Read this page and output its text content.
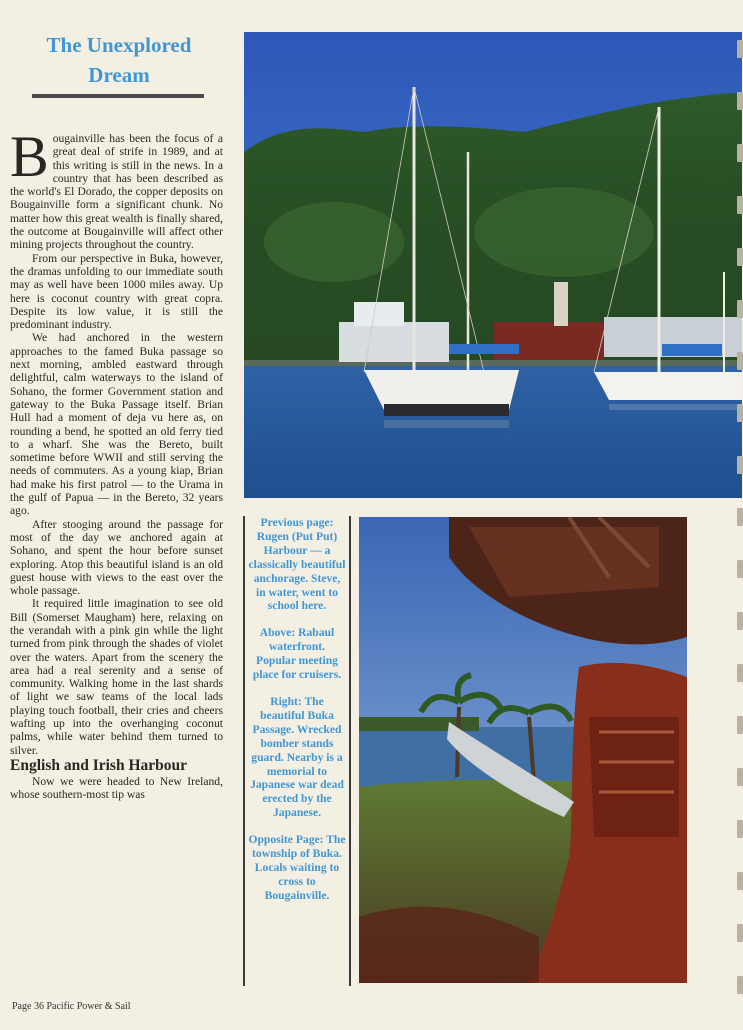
The Unexplored Dream

Bougainville has been the focus of a great deal of strife in 1989, and at this writing is still in the news. In a country that has been described as the world's El Dorado, the copper deposits on Bougainville form a significant chunk. No matter how this great wealth is finally shared, the outcome at Bougainville will affect other mining projects throughout the country.

From our perspective in Buka, however, the dramas unfolding to our immediate south may as well have been 1000 miles away. Up here is coconut country with great copra. Despite its low value, it is still the predominant industry.

We had anchored in the western approaches to the famed Buka passage so next morning, ambled eastward through delightful, calm waterways to the island of Sohano, the former Government station and gateway to the Buka Passage itself. Brian Hull had a moment of deja vu here as, on rounding a bend, he spotted an old ferry tied to a wharf. She was the Bereto, built sometime before WWII and still serving the needs of commuters. As a young kiap, Brian had make his first patrol — to the Urama in the gulf of Papua — in the Bereto, 32 years ago.

After stooging around the passage for most of the day we anchored again at Sohano, and spent the hour before sunset exploring. Atop this beautiful island is an old guest house with views to the east over the whole passage.

It required little imagination to see old Bill (Somerset Maugham) here, relaxing on the verandah with a pink gin while the light turned from pink through the shades of violet over the waters. Apart from the scenery the area had a real serenity and a sense of community. Walking home in the last shards of light we saw teams of the local lads playing touch football, their cries and cheers wafting up into the overhanging coconut palms, while water behind them turned to silver.

English and Irish Harbour

Now we were headed to New Ireland, whose southern-most tip was

Page 36 Pacific Power & Sail

Previous page: Rugen (Put Put) Harbour — a classically beautiful anchorage. Steve, in water, went to school here.

Above: Rabaul waterfront. Popular meeting place for cruisers.

Right: The beautiful Buka Passage. Wrecked bomber stands guard. Nearby is a memorial to Japanese war dead erected by the Japanese.

Opposite Page: The township of Buka. Locals waiting to cross to Bougainville.
